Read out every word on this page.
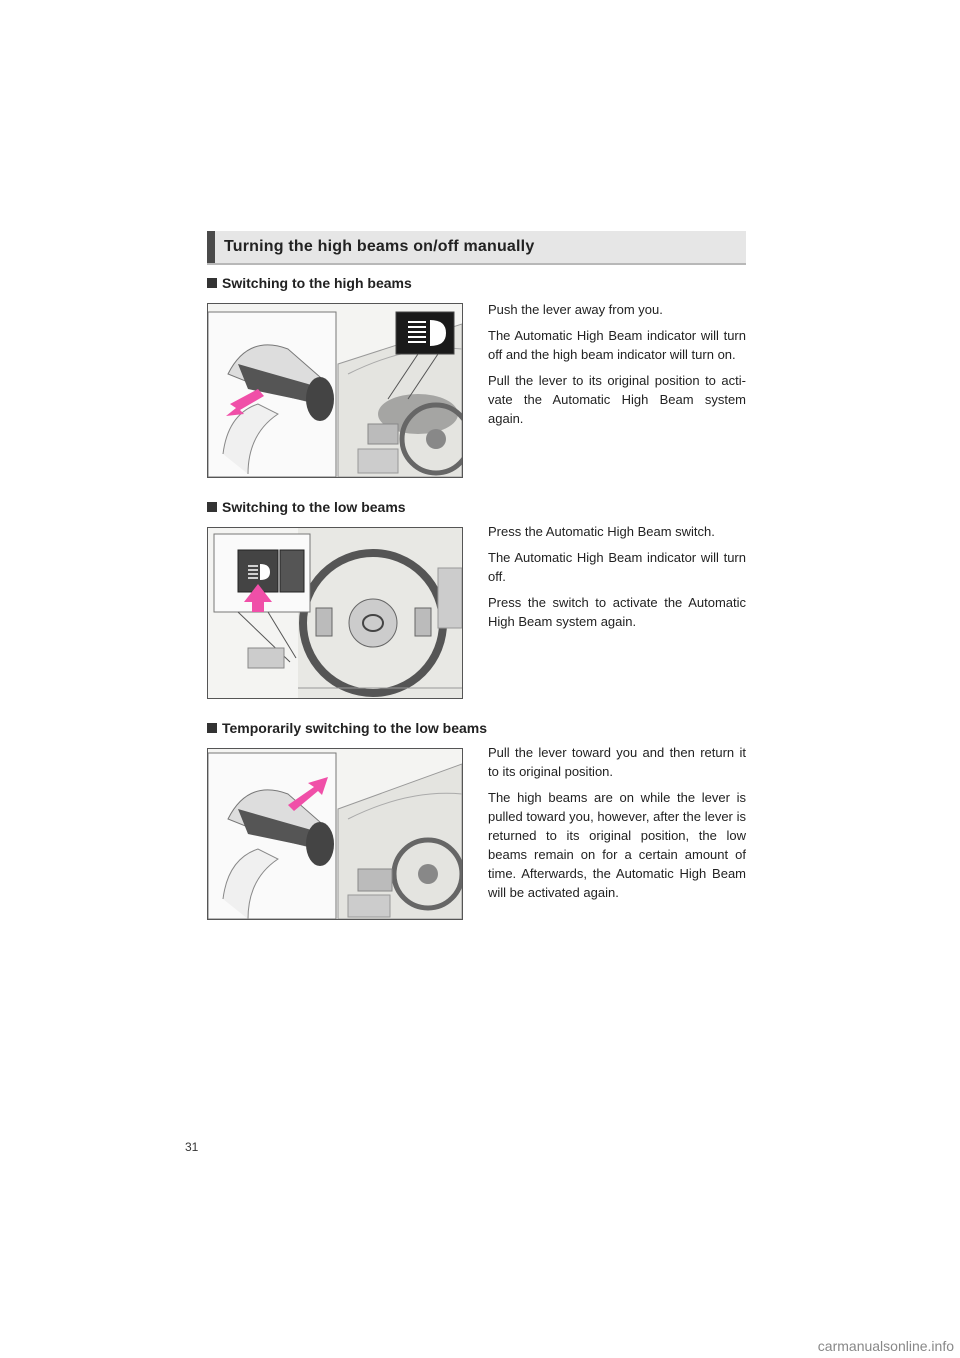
Turning the high beams on/off manually
Switching to the high beams

Push the lever away from you.

The Automatic High Beam indicator will turn off and the high beam indicator will turn on.

Pull the lever to its original position to acti-vate the Automatic High Beam system again.

Switching to the low beams

Press the Automatic High Beam switch.

The Automatic High Beam indicator will turn off.

Press the switch to activate the Automatic High Beam system again.

Temporarily switching to the low beams

Pull the lever toward you and then return it to its original position.

The high beams are on while the lever is pulled toward you, however, after the lever is returned to its original position, the low beams remain on for a certain amount of time. Afterwards, the Automatic High Beam will be activated again.

31
carmanualsonline.info
